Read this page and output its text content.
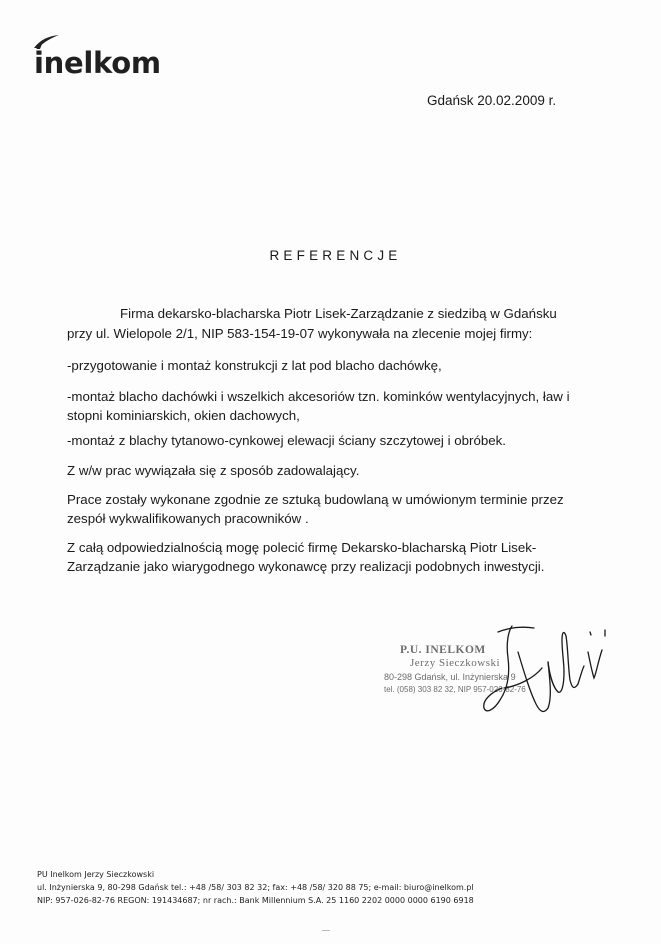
inelkom
Gdańsk 20.02.2009 r.
REFERENCJE
Firma dekarsko-blacharska Piotr Lisek-Zarządzanie z siedzibą w Gdańsku
przy ul. Wielopole 2/1, NIP 583-154-19-07 wykonywała na zlecenie mojej firmy:
-przygotowanie i montaż konstrukcji z lat pod blacho dachówkę,
-montaż blacho dachówki i wszelkich akcesoriów tzn. kominków wentylacyjnych, ław i
stopni kominiarskich, okien dachowych,
-montaż z blachy tytanowo-cynkowej elewacji ściany szczytowej i obróbek.
Z w/w prac wywiązała się z sposób zadowalający.
Prace zostały wykonane zgodnie ze sztuką budowlaną w umówionym terminie przez
zespół wykwalifikowanych pracowników .
Z całą odpowiedzialnością mogę polecić firmę Dekarsko-blacharską Piotr Lisek-
Zarządzanie jako wiarygodnego wykonawcę przy realizacji podobnych inwestycji.
P.U. INELKOM
Jerzy Sieczkowski
80-298 Gdańsk, ul. Inżynierska 9
tel. (058) 303 82 32, NIP 957-026-82-76
PU Inelkom Jerzy Sieczkowski
ul. Inżynierska 9, 80-298 Gdańsk tel.: +48 /58/ 303 82 32; fax: +48 /58/ 320 88 75; e-mail: biuro@inelkom.pl
NIP: 957-026-82-76 REGON: 191434687; nr rach.: Bank Millennium S.A. 25 1160 2202 0000 0000 6190 6918
